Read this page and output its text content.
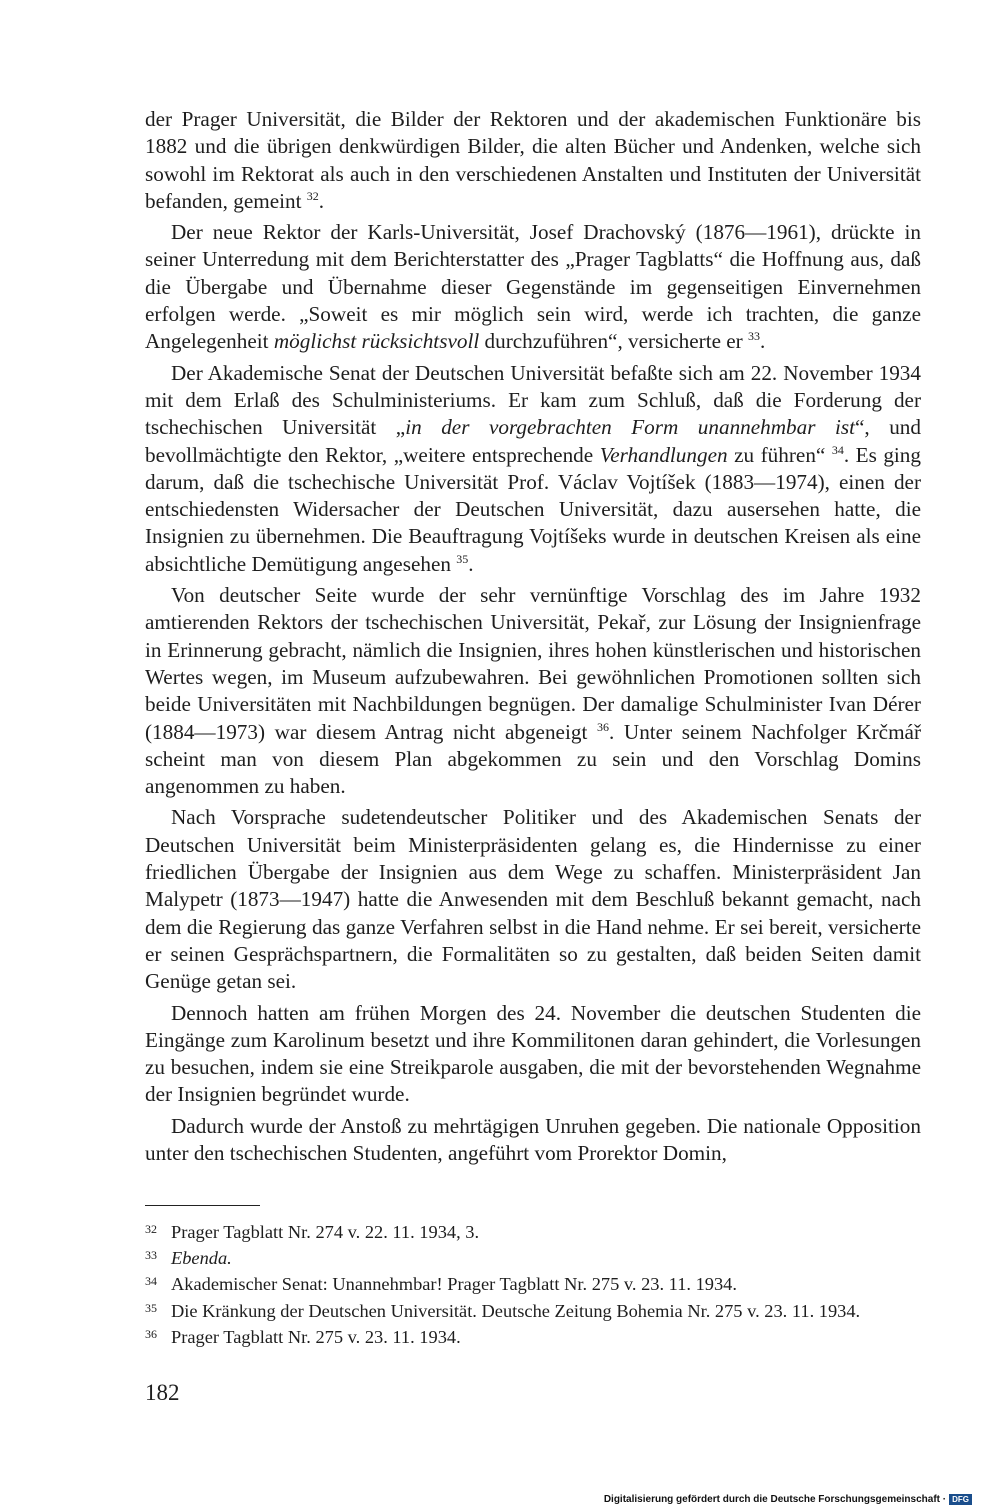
der Prager Universität, die Bilder der Rektoren und der akademischen Funktionäre bis 1882 und die übrigen denkwürdigen Bilder, die alten Bücher und Andenken, welche sich sowohl im Rektorat als auch in den verschiedenen Anstalten und Instituten der Universität befanden, gemeint $^{32}$.

Der neue Rektor der Karls-Universität, Josef Drachovský (1876—1961), drückte in seiner Unterredung mit dem Berichterstatter des „Prager Tagblatts“ die Hoffnung aus, daß die Übergabe und Übernahme dieser Gegenstände im gegenseitigen Einvernehmen erfolgen werde. „Soweit es mir möglich sein wird, werde ich trachten, die ganze Angelegenheit möglichst rücksichtsvoll durchzuführen“, versicherte er $^{33}$.

Der Akademische Senat der Deutschen Universität befaßte sich am 22. November 1934 mit dem Erlaß des Schulministeriums. Er kam zum Schluß, daß die Forderung der tschechischen Universität „in der vorgebrachten Form unannehmbar ist“, und bevollmächtigte den Rektor, „weitere entsprechende Verhandlungen zu führen“ $^{34}$. Es ging darum, daß die tschechische Universität Prof. Václav Vojtíšek (1883—1974), einen der entschiedensten Widersacher der Deutschen Universität, dazu ausersehen hatte, die Insignien zu übernehmen. Die Beauftragung Vojtíšeks wurde in deutschen Kreisen als eine absichtliche Demütigung angesehen $^{35}$.

Von deutscher Seite wurde der sehr vernünftige Vorschlag des im Jahre 1932 amtierenden Rektors der tschechischen Universität, Pekař, zur Lösung der Insignienfrage in Erinnerung gebracht, nämlich die Insignien, ihres hohen künstlerischen und historischen Wertes wegen, im Museum aufzubewahren. Bei gewöhnlichen Promotionen sollten sich beide Universitäten mit Nachbildungen begnügen. Der damalige Schulminister Ivan Dérer (1884—1973) war diesem Antrag nicht abgeneigt $^{36}$. Unter seinem Nachfolger Krčmář scheint man von diesem Plan abgekommen zu sein und den Vorschlag Domins angenommen zu haben.

Nach Vorsprache sudetendeutscher Politiker und des Akademischen Senats der Deutschen Universität beim Ministerpräsidenten gelang es, die Hindernisse zu einer friedlichen Übergabe der Insignien aus dem Wege zu schaffen. Ministerpräsident Jan Malypetr (1873—1947) hatte die Anwesenden mit dem Beschluß bekannt gemacht, nach dem die Regierung das ganze Verfahren selbst in die Hand nehme. Er sei bereit, versicherte er seinen Gesprächspartnern, die Formalitäten so zu gestalten, daß beiden Seiten damit Genüge getan sei.

Dennoch hatten am frühen Morgen des 24. November die deutschen Studenten die Eingänge zum Karolinum besetzt und ihre Kommilitonen daran gehindert, die Vorlesungen zu besuchen, indem sie eine Streikparole ausgaben, die mit der bevorstehenden Wegnahme der Insignien begründet wurde.

Dadurch wurde der Anstoß zu mehrtägigen Unruhen gegeben. Die nationale Opposition unter den tschechischen Studenten, angeführt vom Prorektor Domin,

32 Prager Tagblatt Nr. 274 v. 22. 11. 1934, 3.
33 Ebenda.
34 Akademischer Senat: Unannehmbar! Prager Tagblatt Nr. 275 v. 23. 11. 1934.
35 Die Kränkung der Deutschen Universität. Deutsche Zeitung Bohemia Nr. 275 v. 23. 11. 1934.
36 Prager Tagblatt Nr. 275 v. 23. 11. 1934.
182
Digitalisierung gefördert durch die Deutsche Forschungsgemeinschaft · DFG
